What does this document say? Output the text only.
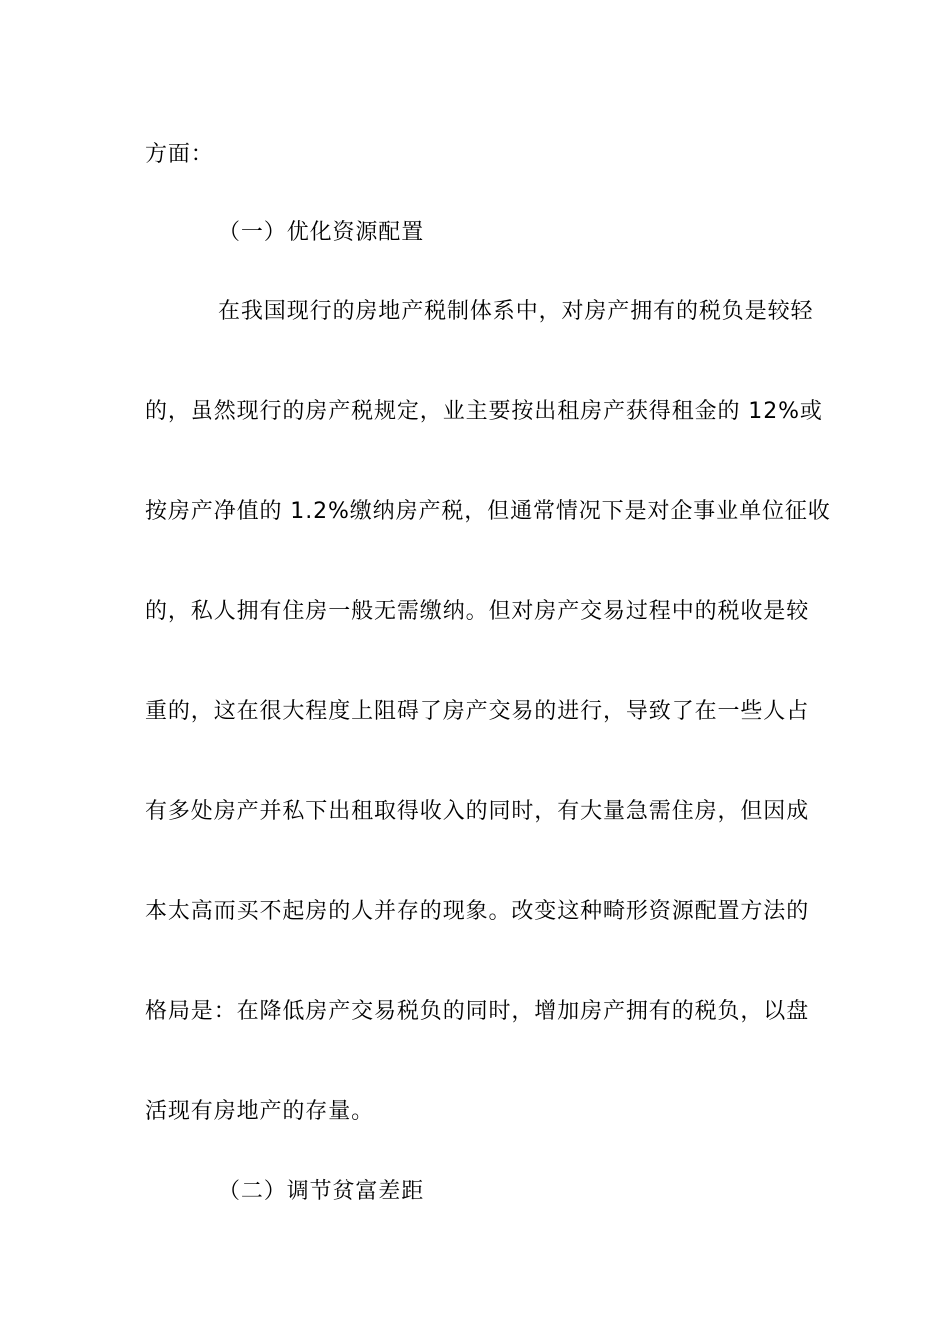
方面：
（一）优化资源配置
在我国现行的房地产税制体系中，对房产拥有的税负是较轻
的，虽然现行的房产税规定，业主要按出租房产获得租金的 12%或
按房产净值的 1.2%缴纳房产税，但通常情况下是对企事业单位征收
的，私人拥有住房一般无需缴纳。但对房产交易过程中的税收是较
重的，这在很大程度上阻碍了房产交易的进行，导致了在一些人占
有多处房产并私下出租取得收入的同时，有大量急需住房，但因成
本太高而买不起房的人并存的现象。改变这种畸形资源配置方法的
格局是：在降低房产交易税负的同时，增加房产拥有的税负，以盘
活现有房地产的存量。
（二）调节贫富差距
